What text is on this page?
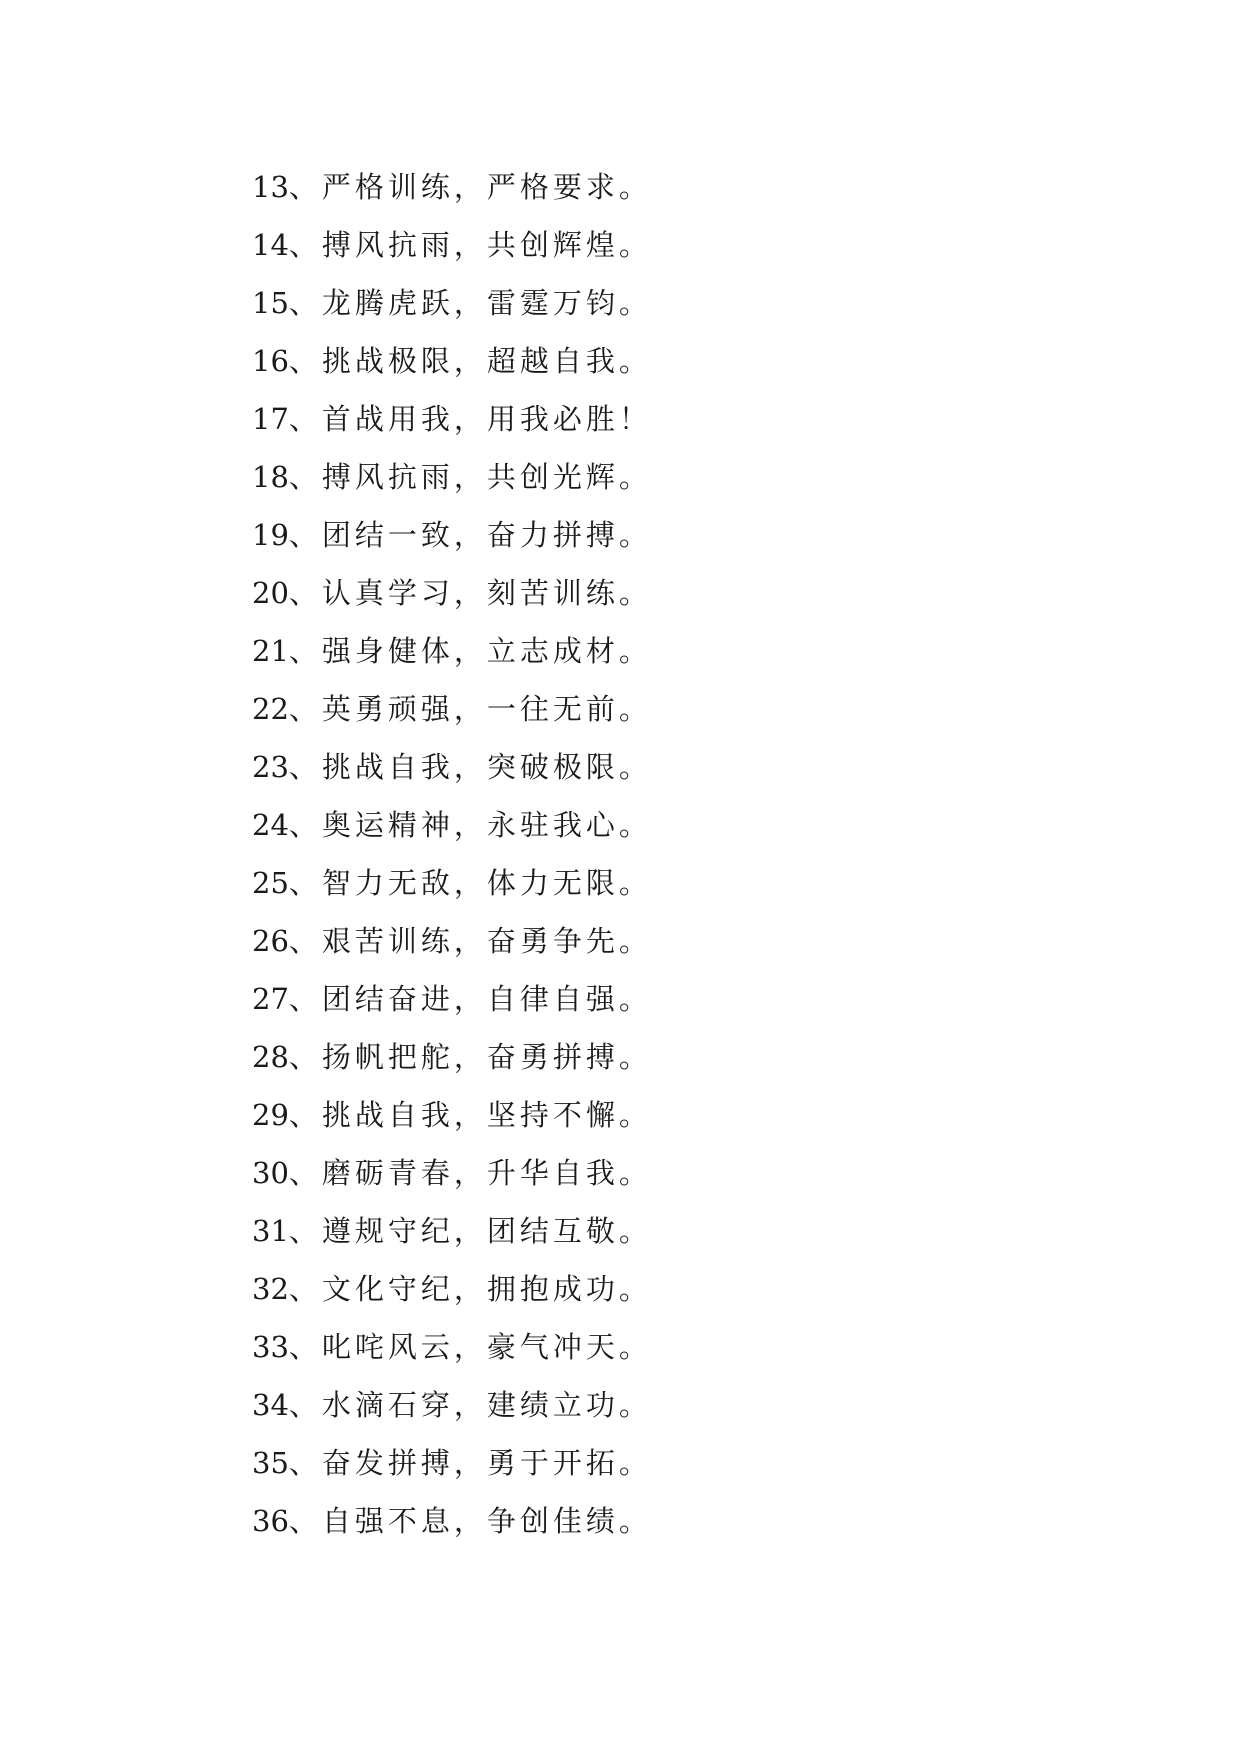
13、 严格训练，严格要求。
14、 搏风抗雨，共创辉煌。
15、 龙腾虎跃，雷霆万钧。
16、 挑战极限，超越自我。
17、 首战用我，用我必胜！
18、 搏风抗雨，共创光辉。
19、 团结一致，奋力拼搏。
20、 认真学习，刻苦训练。
21、 强身健体，立志成材。
22、 英勇顽强，一往无前。
23、 挑战自我，突破极限。
24、 奥运精神，永驻我心。
25、 智力无敌，体力无限。
26、 艰苦训练，奋勇争先。
27、 团结奋进，自律自强。
28、 扬帆把舵，奋勇拼搏。
29、 挑战自我，坚持不懈。
30、 磨砺青春，升华自我。
31、 遵规守纪，团结互敬。
32、 文化守纪，拥抱成功。
33、 叱咤风云，豪气冲天。
34、 水滴石穿，建绩立功。
35、 奋发拼搏，勇于开拓。
36、 自强不息，争创佳绩。
